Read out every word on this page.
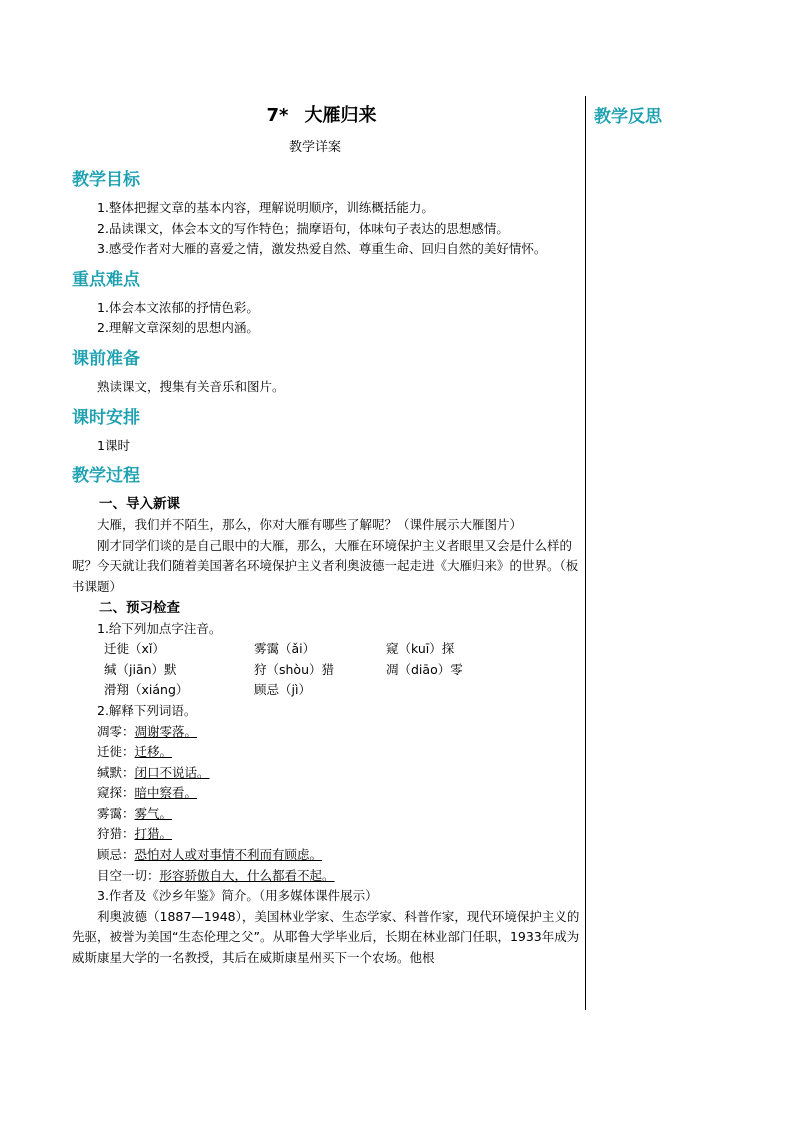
教学反思
7* 大雁归来
教学详案
教学目标

1.整体把握文章的基本内容，理解说明顺序，训练概括能力。

2.品读课文，体会本文的写作特色；揣摩语句，体味句子表达的思想感情。

3.感受作者对大雁的喜爱之情，激发热爱自然、尊重生命、回归自然的美好情怀。

重点难点

1.体会本文浓郁的抒情色彩。

2.理解文章深刻的思想内涵。

课前准备

熟读课文，搜集有关音乐和图片。

课时安排

1课时

教学过程

一、导入新课

大雁，我们并不陌生，那么，你对大雁有哪些了解呢？（课件展示大雁图片）

刚才同学们谈的是自己眼中的大雁，那么，大雁在环境保护主义者眼里又会是什么样的呢？今天就让我们随着美国著名环境保护主义者利奥波德一起走进《大雁归来》的世界。（板书课题）

二、预习检查

1.给下列加点字注音。

迁徙（xǐ）	雾霭（ǎi）	窥（kuī）探
缄（jiān）默	狩（shòu）猎	凋（diāo）零
滑翔（xiáng）	顾忌（jì）

2.解释下列词语。

凋零：凋谢零落。

迁徙：迁移。

缄默：闭口不说话。

窥探：暗中察看。

雾霭：雾气。

狩猎：打猎。

顾忌：恐怕对人或对事情不利而有顾虑。

目空一切：形容骄傲自大，什么都看不起。

3.作者及《沙乡年鉴》简介。（用多媒体课件展示）

利奥波德（1887—1948），美国林业学家、生态学家、科普作家，现代环境保护主义的先驱，被誉为美国“生态伦理之父”。从耶鲁大学毕业后，长期在林业部门任职，1933年成为威斯康星大学的一名教授，其后在威斯康星州买下一个农场。他根
